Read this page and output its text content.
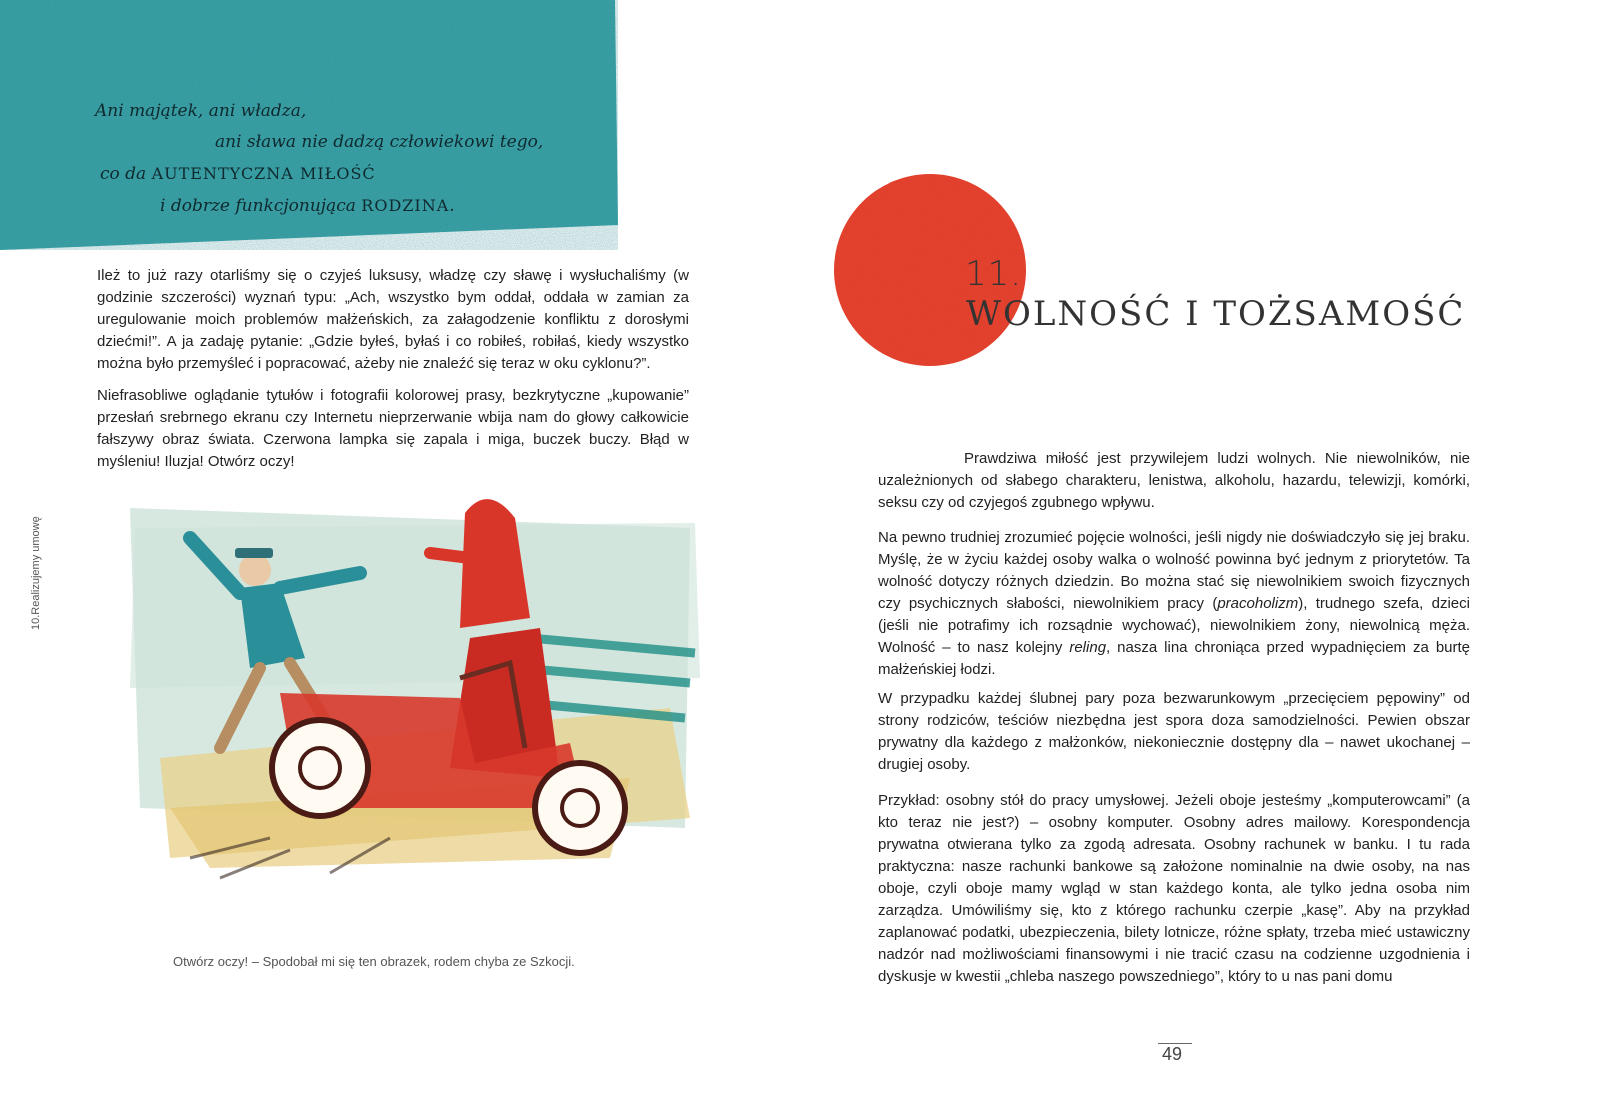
Ani majątek, ani władza,
ani sława nie dadzą człowiekowi tego,
co da AUTENTYCZNA MIŁOŚĆ
i dobrze funkcjonująca RODZINA.

Ileż to już razy otarliśmy się o czyjeś luksusy, władzę czy sławę i wysłuchaliśmy (w godzinie szczerości) wyznań typu: „Ach, wszystko bym oddał, oddała w zamian za uregulowanie moich problemów małżeńskich, za załagodzenie konfliktu z dorosłymi dziećmi!”. A ja zadaję pytanie: „Gdzie byłeś, byłaś i co robiłeś, robiłaś, kiedy wszystko można było przemyśleć i popracować, ażeby nie znaleźć się teraz w oku cyklonu?”.

Niefrasobliwe oglądanie tytułów i fotografii kolorowej prasy, bezkrytyczne „kupowanie” przesłań srebrnego ekranu czy Internetu nieprzerwanie wbija nam do głowy całkowicie fałszywy obraz świata. Czerwona lampka się zapala i miga, buczek buczy. Błąd w myśleniu! Iluzja! Otwórz oczy!

10.Realizujemy umowę
Otwórz oczy! – Spodobał mi się ten obrazek, rodem chyba ze Szkocji.
11.
WOLNOŚĆ I TOŻSAMOŚĆ

Prawdziwa miłość jest przywilejem ludzi wolnych. Nie niewolników, nie uzależnionych od słabego charakteru, lenistwa, alkoholu, hazardu, telewizji, komórki, seksu czy od czyjegoś zgubnego wpływu.

Na pewno trudniej zrozumieć pojęcie wolności, jeśli nigdy nie doświadczyło się jej braku. Myślę, że w życiu każdej osoby walka o wolność powinna być jednym z priorytetów. Ta wolność dotyczy różnych dziedzin. Bo można stać się niewolnikiem swoich fizycznych czy psychicznych słabości, niewolnikiem pracy (pracoholizm), trudnego szefa, dzieci (jeśli nie potrafimy ich rozsądnie wychować), niewolnikiem żony, niewolnicą męża. Wolność – to nasz kolejny reling, nasza lina chroniąca przed wypadnięciem za burtę małżeńskiej łodzi.

W przypadku każdej ślubnej pary poza bezwarunkowym „przecięciem pępowiny” od strony rodziców, teściów niezbędna jest spora doza samodzielności. Pewien obszar prywatny dla każdego z małżonków, niekoniecznie dostępny dla – nawet ukochanej – drugiej osoby.

Przykład: osobny stół do pracy umysłowej. Jeżeli oboje jesteśmy „komputerowcami” (a kto teraz nie jest?) – osobny komputer. Osobny adres mailowy. Korespondencja prywatna otwierana tylko za zgodą adresata. Osobny rachunek w banku. I tu rada praktyczna: nasze rachunki bankowe są założone nominalnie na dwie osoby, na nas oboje, czyli oboje mamy wgląd w stan każdego konta, ale tylko jedna osoba nim zarządza. Umówiliśmy się, kto z którego rachunku czerpie „kasę”. Aby na przykład zaplanować podatki, ubezpieczenia, bilety lotnicze, różne spłaty, trzeba mieć ustawiczny nadzór nad możliwościami finansowymi i nie tracić czasu na codzienne uzgodnienia i dyskusje w kwestii „chleba naszego powszedniego”, który to u nas pani domu

49
